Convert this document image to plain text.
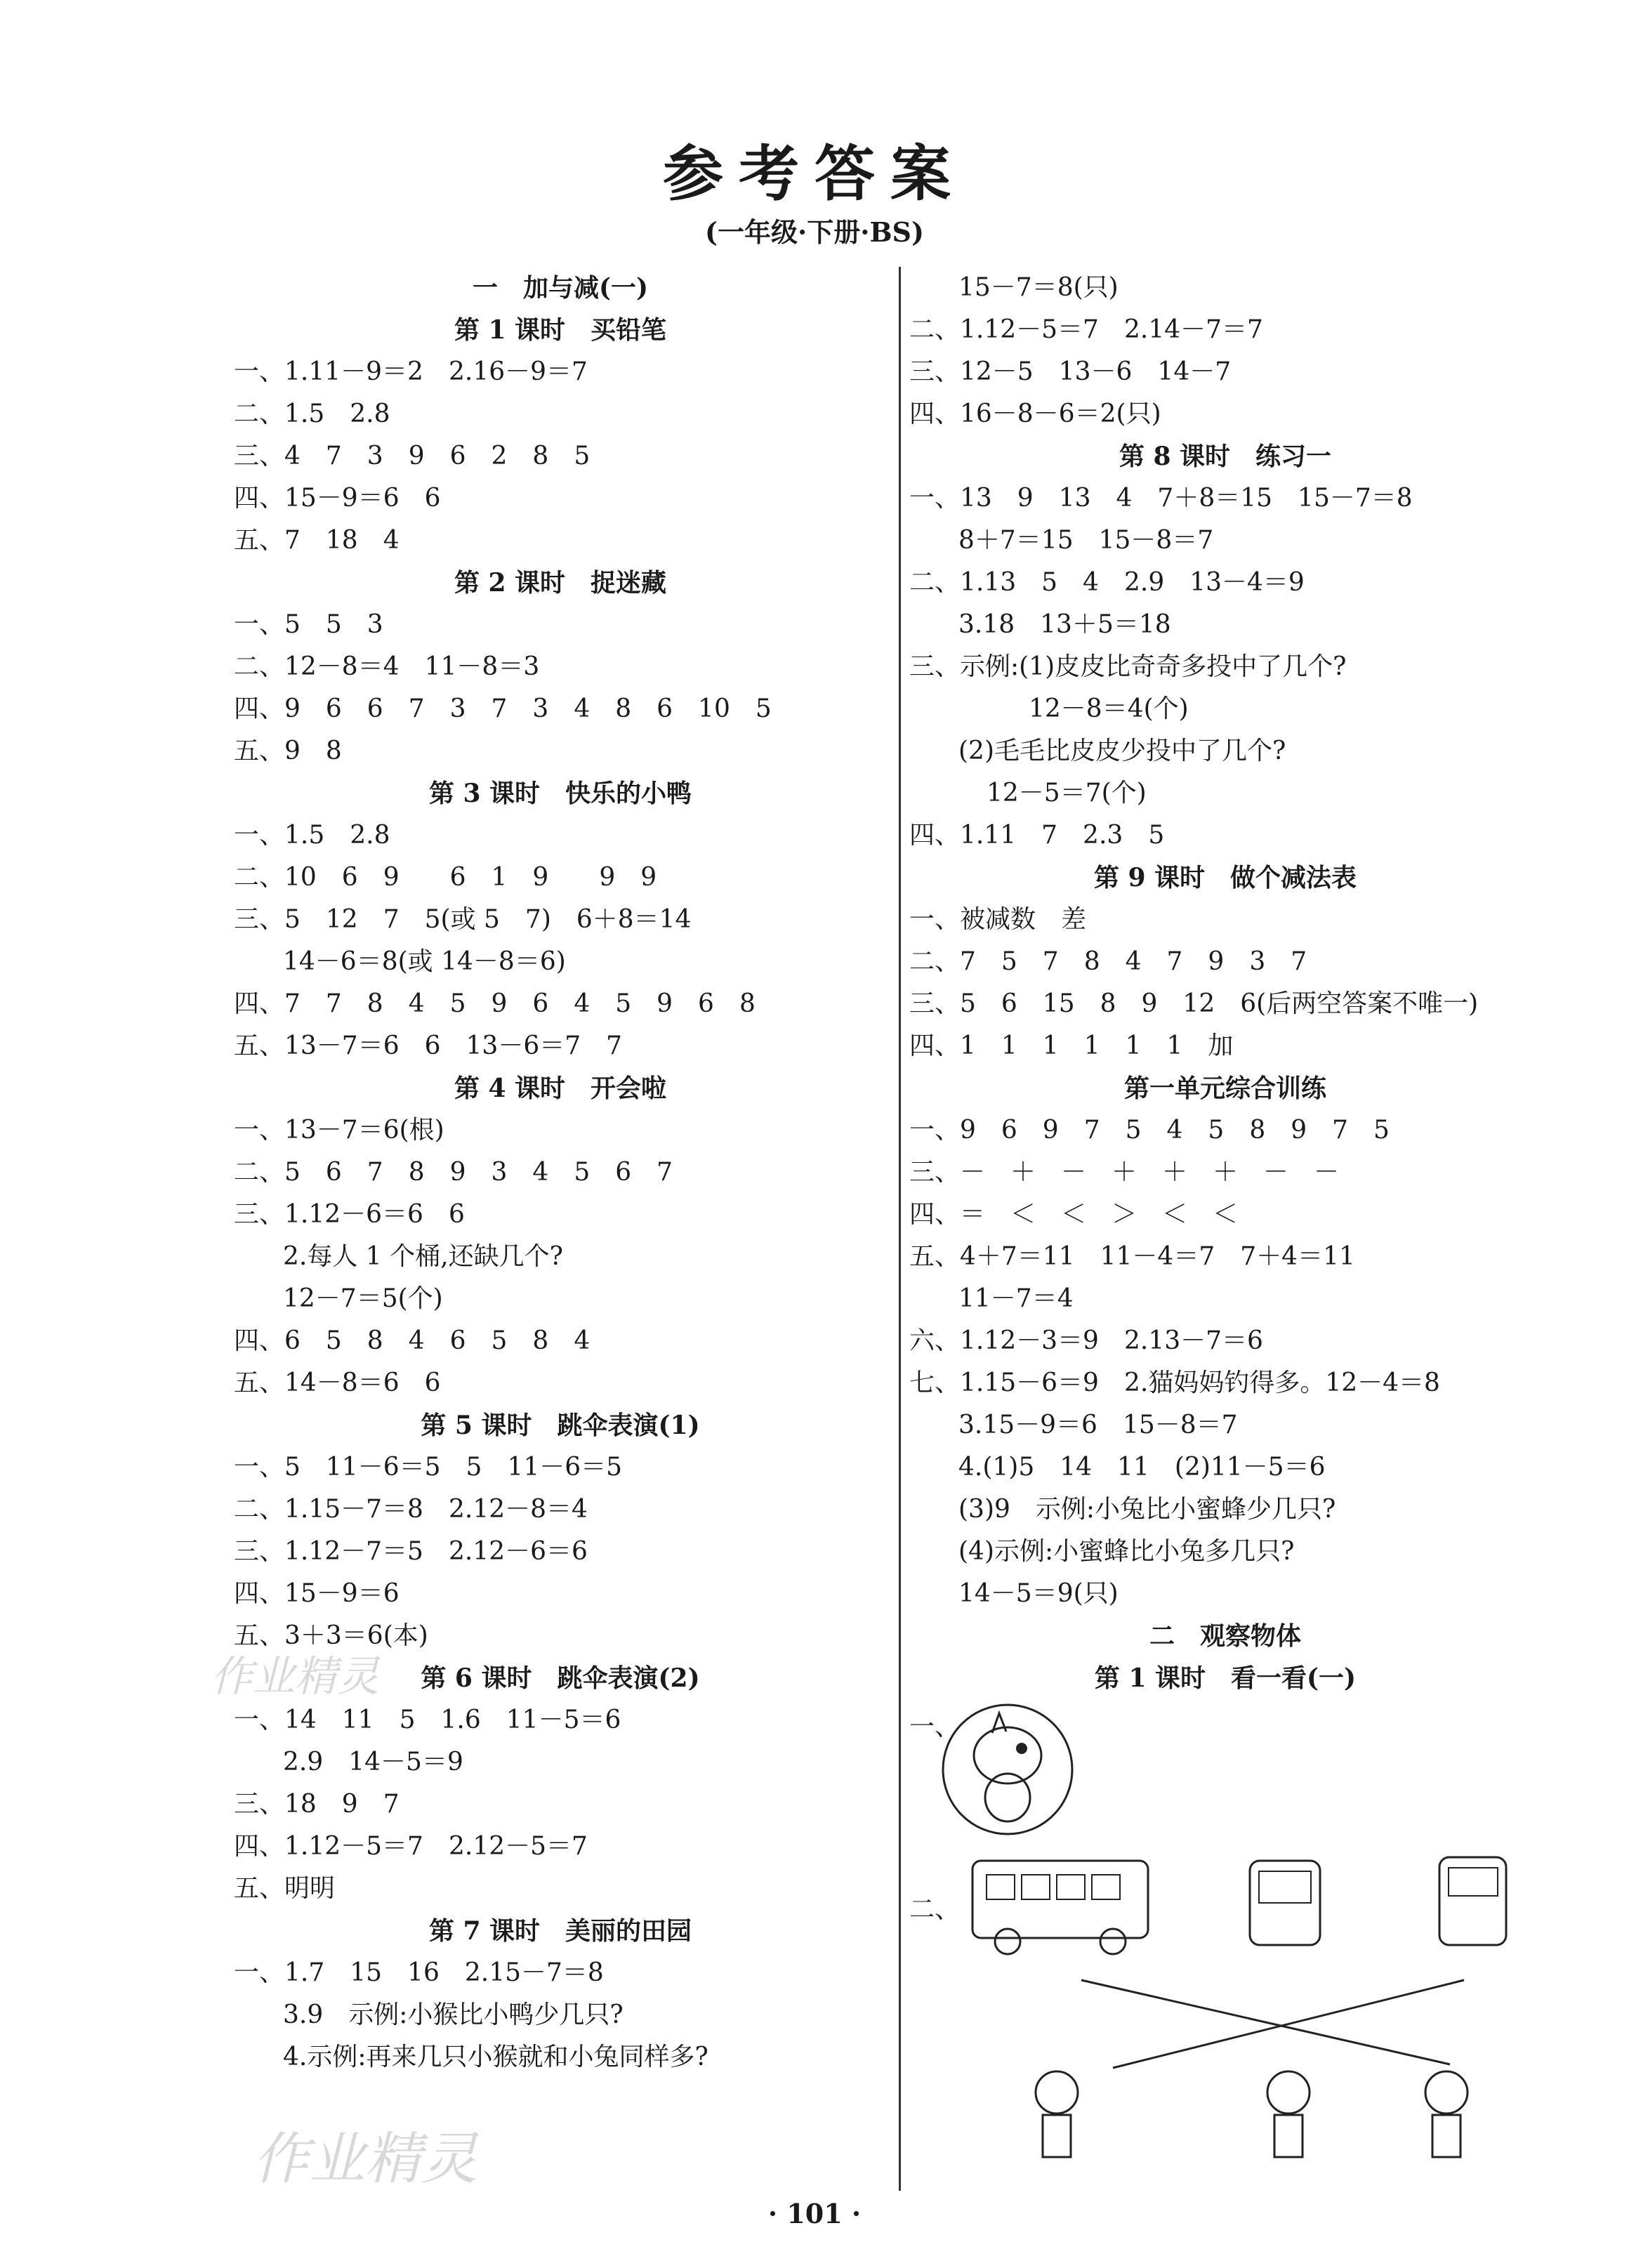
参考答案
(一年级·下册·BS)
一　加与减(一)
第 1 课时　买铅笔
一、1.11－9＝2　2.16－9＝7
二、1.5　2.8
三、4　7　3　9　6　2　8　5
四、15－9＝6　6
五、7　18　4
第 2 课时　捉迷藏
一、5　5　3
二、12－8＝4　11－8＝3
四、9　6　6　7　3　7　3　4　8　6　10　5
五、9　8
第 3 课时　快乐的小鸭
一、1.5　2.8
二、10　6　9　　6　1　9　　9　9
三、5　12　7　5(或 5　7)　6＋8＝14
14－6＝8(或 14－8＝6)
四、7　7　8　4　5　9　6　4　5　9　6　8
五、13－7＝6　6　13－6＝7　7
第 4 课时　开会啦
一、13－7＝6(根)
二、5　6　7　8　9　3　4　5　6　7
三、1.12－6＝6　6
2.每人 1 个桶,还缺几个?
12－7＝5(个)
四、6　5　8　4　6　5　8　4
五、14－8＝6　6
第 5 课时　跳伞表演(1)
一、5　11－6＝5　5　11－6＝5
二、1.15－7＝8　2.12－8＝4
三、1.12－7＝5　2.12－6＝6
四、15－9＝6
五、3＋3＝6(本)
第 6 课时　跳伞表演(2)
一、14　11　5　1.6　11－5＝6
2.9　14－5＝9
三、18　9　7
四、1.12－5＝7　2.12－5＝7
五、明明
第 7 课时　美丽的田园
一、1.7　15　16　2.15－7＝8
3.9　示例:小猴比小鸭少几只?
4.示例:再来几只小猴就和小兔同样多?
15－7＝8(只)
二、1.12－5＝7　2.14－7＝7
三、12－5　13－6　14－7
四、16－8－6＝2(只)
第 8 课时　练习一
一、13　9　13　4　7＋8＝15　15－7＝8
8＋7＝15　15－8＝7
二、1.13　5　4　2.9　13－4＝9
3.18　13＋5＝18
三、示例:(1)皮皮比奇奇多投中了几个?
12－8＝4(个)
(2)毛毛比皮皮少投中了几个?
12－5＝7(个)
四、1.11　7　2.3　5
第 9 课时　做个减法表
一、被减数　差
二、7　5　7　8　4　7　9　3　7
三、5　6　15　8　9　12　6(后两空答案不唯一)
四、1　1　1　1　1　1　加
第一单元综合训练
一、9　6　9　7　5　4　5　8　9　7　5
三、－　＋　－　＋　＋　＋　－　－
四、＝　＜　＜　＞　＜　＜
五、4＋7＝11　11－4＝7　7＋4＝11
11－7＝4
六、1.12－3＝9　2.13－7＝6
七、1.15－6＝9　2.猫妈妈钓得多。12－4＝8
3.15－9＝6　15－8＝7
4.(1)5　14　11　(2)11－5＝6
(3)9　示例:小兔比小蜜蜂少几只?
(4)示例:小蜜蜂比小兔多几只?
14－5＝9(只)
二　观察物体
第 1 课时　看一看(一)
一、
二、
作业精灵
作业精灵
· 101 ·
